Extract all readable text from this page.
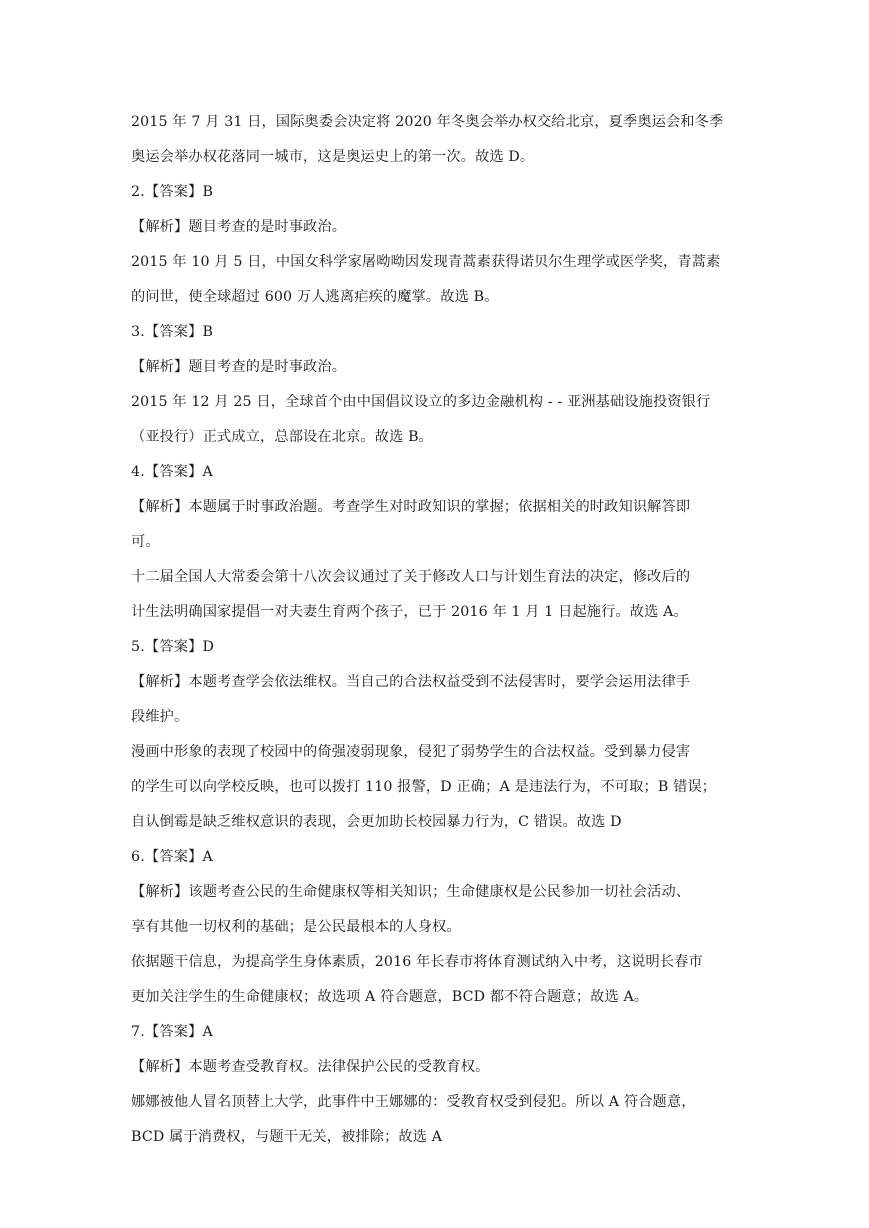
2015 年 7 月 31 日，国际奥委会决定将 2020 年冬奥会举办权交给北京，夏季奥运会和冬季
奥运会举办权花落同一城市，这是奥运史上的第一次。故选 D。
2.【答案】B
【解析】题目考查的是时事政治。
2015 年 10 月 5 日，中国女科学家屠呦呦因发现青蒿素获得诺贝尔生理学或医学奖，青蒿素
的问世，使全球超过 600 万人逃离疟疾的魔掌。故选 B。
3.【答案】B
【解析】题目考查的是时事政治。
2015 年 12 月 25 日，全球首个由中国倡议设立的多边金融机构 - - 亚洲基础设施投资银行
（亚投行）正式成立，总部设在北京。故选 B。
4.【答案】A
【解析】本题属于时事政治题。考查学生对时政知识的掌握；依据相关的时政知识解答即
可。
十二届全国人大常委会第十八次会议通过了关于修改人口与计划生育法的决定，修改后的
计生法明确国家提倡一对夫妻生育两个孩子，已于 2016 年 1 月 1 日起施行。故选 A。
5.【答案】D
【解析】本题考查学会依法维权。当自己的合法权益受到不法侵害时，要学会运用法律手
段维护。
漫画中形象的表现了校园中的倚强凌弱现象，侵犯了弱势学生的合法权益。受到暴力侵害
的学生可以向学校反映，也可以拨打 110 报警，D 正确；A 是违法行为，不可取；B 错误；
自认倒霉是缺乏维权意识的表现，会更加助长校园暴力行为，C 错误。故选 D
6.【答案】A
【解析】该题考查公民的生命健康权等相关知识；生命健康权是公民参加一切社会活动、
享有其他一切权利的基础；是公民最根本的人身权。
依据题干信息，为提高学生身体素质，2016 年长春市将体育测试纳入中考，这说明长春市
更加关注学生的生命健康权；故选项 A 符合题意，BCD 都不符合题意；故选 A。
7.【答案】A
【解析】本题考查受教育权。法律保护公民的受教育权。
娜娜被他人冒名顶替上大学，此事件中王娜娜的：受教育权受到侵犯。所以 A 符合题意，
BCD 属于消费权，与题干无关，被排除；故选 A
